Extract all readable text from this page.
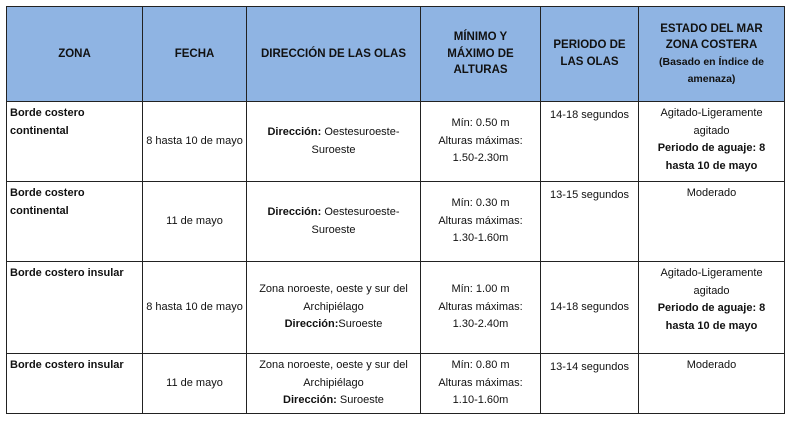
ZONA	FECHA	DIRECCIÓN DE LAS OLAS	MÍNIMO Y
MÁXIMO DE
ALTURAS	PERIODO DE
LAS OLAS	ESTADO DEL MAR
ZONA COSTERA
(Basado en Índice de
amenaza)
Borde costero continental	8 hasta 10 de mayo	Dirección: Oestesuroeste-Suroeste	Mín: 0.50 m
Alturas máximas:
1.50-2.30m	14-18 segundos	Agitado-Ligeramente agitado
Periodo de aguaje: 8 hasta 10 de mayo
Borde costero continental	11 de mayo	Dirección: Oestesuroeste-Suroeste	Mín: 0.30 m
Alturas máximas:
1.30-1.60m	13-15 segundos	Moderado
Borde costero insular	8 hasta 10 de mayo	Zona noroeste, oeste y sur del Archipiélago
Dirección:Suroeste	Mín: 1.00 m
Alturas máximas:
1.30-2.40m	14-18 segundos	Agitado-Ligeramente agitado
Periodo de aguaje: 8 hasta 10 de mayo
Borde costero insular	11 de mayo	Zona noroeste, oeste y sur del Archipiélago
Dirección: Suroeste	Mín: 0.80 m
Alturas máximas:
1.10-1.60m	13-14 segundos	Moderado
